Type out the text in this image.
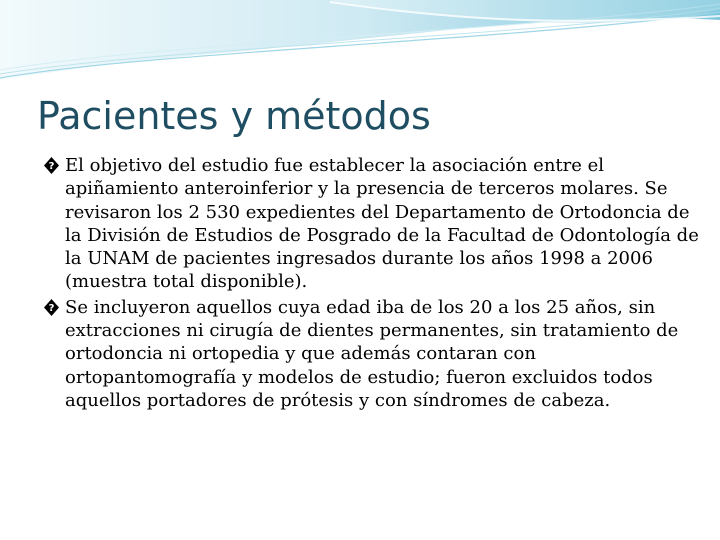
Pacientes y métodos
? El objetivo del estudio fue establecer la asociación entre el apiñamiento anteroinferior y la presencia de terceros molares. Se revisaron los 2 530 expedientes del Departamento de Ortodoncia de la División de Estudios de Posgrado de la Facultad de Odontología de la UNAM de pacientes ingresados durante los años 1998 a 2006 (muestra total disponible).
? Se incluyeron aquellos cuya edad iba de los 20 a los 25 años, sin extracciones ni cirugía de dientes permanentes, sin tratamiento de ortodoncia ni ortopedia y que además contaran con ortopantomografía y modelos de estudio; fueron excluidos todos aquellos portadores de prótesis y con síndromes de cabeza.
